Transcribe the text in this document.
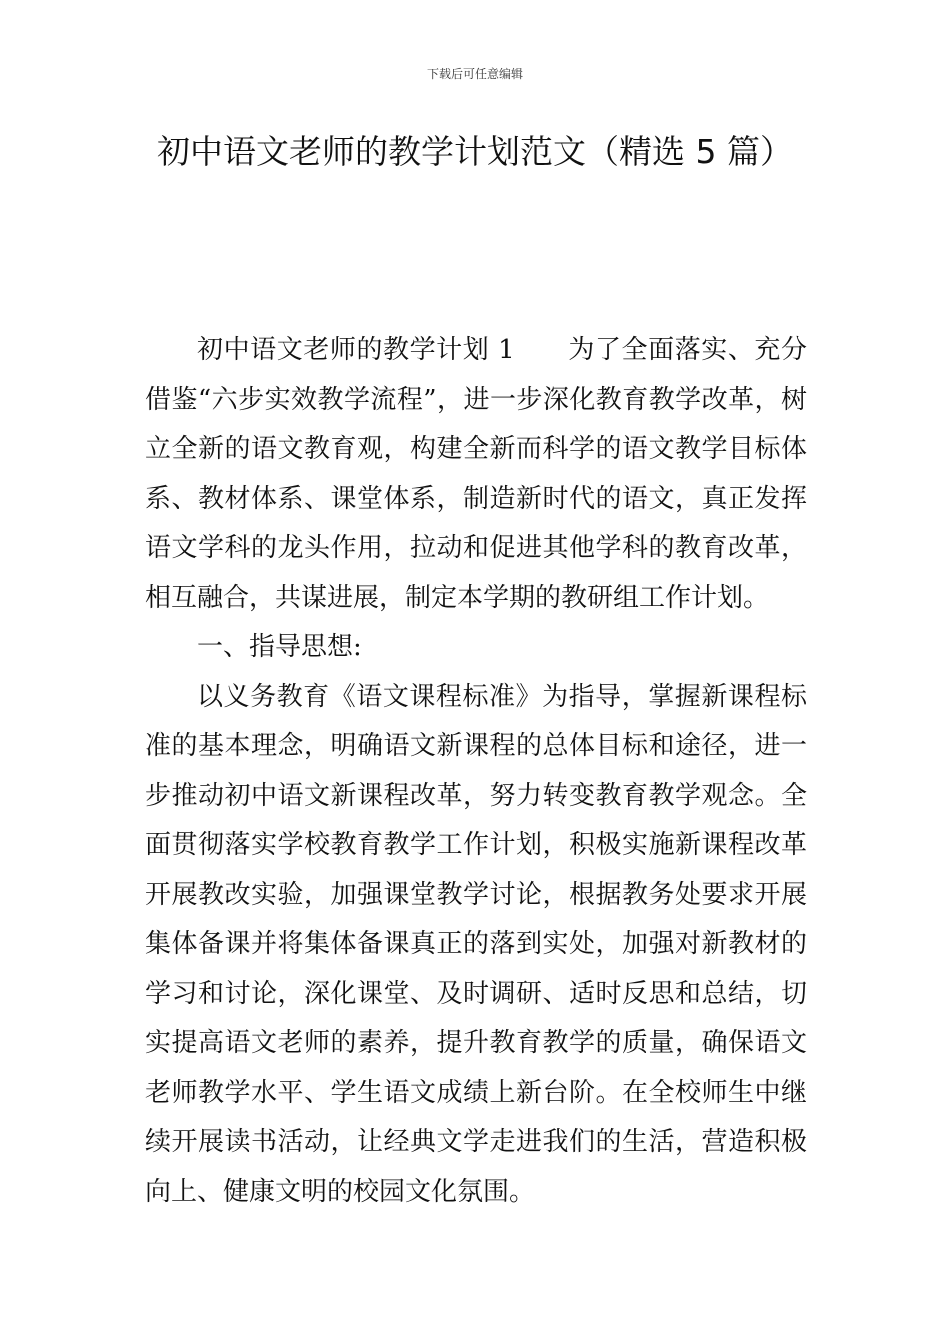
下载后可任意编辑
初中语文老师的教学计划范文（精选 5 篇）

初中语文老师的教学计划 1　　为了全面落实、充分借鉴“六步实效教学流程”，进一步深化教育教学改革，树立全新的语文教育观，构建全新而科学的语文教学目标体系、教材体系、课堂体系，制造新时代的语文，真正发挥语文学科的龙头作用，拉动和促进其他学科的教育改革，相互融合，共谋进展，制定本学期的教研组工作计划。

一、指导思想:

以义务教育《语文课程标准》为指导，掌握新课程标准的基本理念，明确语文新课程的总体目标和途径，进一步推动初中语文新课程改革，努力转变教育教学观念。全面贯彻落实学校教育教学工作计划，积极实施新课程改革开展教改实验，加强课堂教学讨论，根据教务处要求开展集体备课并将集体备课真正的落到实处，加强对新教材的学习和讨论，深化课堂、及时调研、适时反思和总结，切实提高语文老师的素养，提升教育教学的质量，确保语文老师教学水平、学生语文成绩上新台阶。在全校师生中继续开展读书活动，让经典文学走进我们的生活，营造积极向上、健康文明的校园文化氛围。
